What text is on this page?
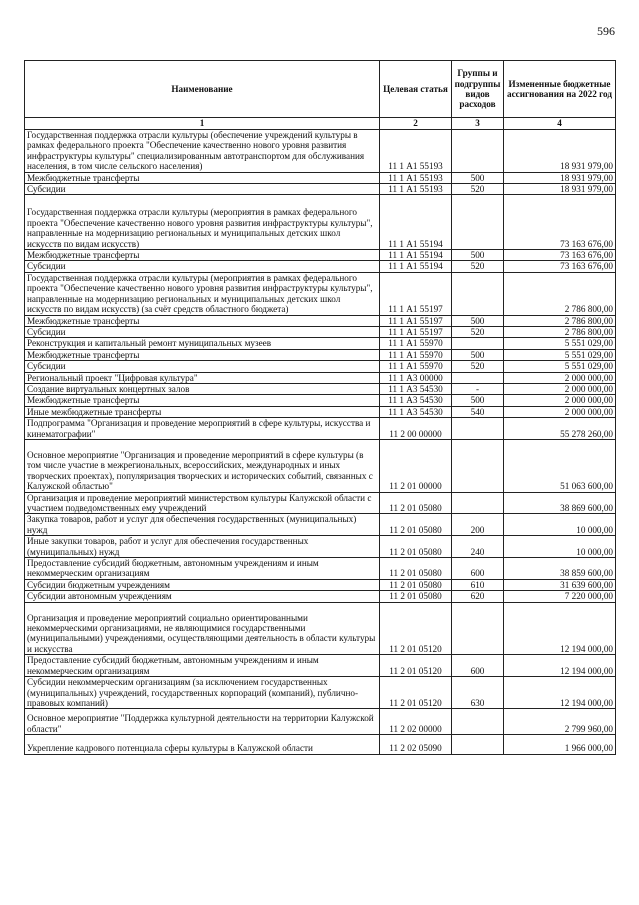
596
Наименование	Целевая статья	Группы и подгруппы видов расходов	Измененные бюджетные ассигнования на 2022 год
1	2	3	4
Государственная поддержка отрасли культуры (обеспечение учреждений культуры в рамках федерального проекта "Обеспечение качественно нового уровня развития инфраструктуры культуры" специализированным автотранспортом для обслуживания населения, в том числе сельского населения)	11 1 А1 55193		18 931 979,00
Межбюджетные трансферты	11 1 А1 55193	500	18 931 979,00
Субсидии	11 1 А1 55193	520	18 931 979,00
Государственная поддержка отрасли культуры (мероприятия в рамках федерального проекта "Обеспечение качественно нового уровня развития инфраструктуры культуры", направленные на модернизацию региональных и муниципальных детских школ искусств по видам искусств)	11 1 А1 55194		73 163 676,00
Межбюджетные трансферты	11 1 А1 55194	500	73 163 676,00
Субсидии	11 1 А1 55194	520	73 163 676,00
Государственная поддержка отрасли культуры (мероприятия в рамках федерального проекта "Обеспечение качественно нового уровня развития инфраструктуры культуры", направленные на модернизацию региональных и муниципальных детских школ искусств по видам искусств) (за счёт средств областного бюджета)	11 1 А1 55197		2 786 800,00
Межбюджетные трансферты	11 1 А1 55197	500	2 786 800,00
Субсидии	11 1 А1 55197	520	2 786 800,00
Реконструкция и капитальный ремонт муниципальных музеев	11 1 А1 55970		5 551 029,00
Межбюджетные трансферты	11 1 А1 55970	500	5 551 029,00
Субсидии	11 1 А1 55970	520	5 551 029,00
Региональный проект "Цифровая культура"	11 1 А3 00000		2 000 000,00
Создание виртуальных концертных залов	11 1 А3 54530	-	2 000 000,00
Межбюджетные трансферты	11 1 А3 54530	500	2 000 000,00
Иные межбюджетные трансферты	11 1 А3 54530	540	2 000 000,00
Подпрограмма "Организация и проведение мероприятий в сфере культуры, искусства и кинематографии"	11 2 00 00000		55 278 260,00
Основное мероприятие "Организация и проведение мероприятий в сфере культуры (в том числе участие в межрегиональных, всероссийских, международных и иных творческих проектах), популяризация творческих и исторических событий, связанных с Калужской областью"	11 2 01 00000		51 063 600,00
Организация и проведение мероприятий министерством культуры Калужской области с участием подведомственных ему учреждений	11 2 01 05080		38 869 600,00
Закупка товаров, работ и услуг для обеспечения государственных (муниципальных) нужд	11 2 01 05080	200	10 000,00
Иные закупки товаров, работ и услуг для обеспечения государственных (муниципальных) нужд	11 2 01 05080	240	10 000,00
Предоставление субсидий бюджетным, автономным учреждениям и иным некоммерческим организациям	11 2 01 05080	600	38 859 600,00
Субсидии бюджетным учреждениям	11 2 01 05080	610	31 639 600,00
Субсидии автономным учреждениям	11 2 01 05080	620	7 220 000,00
Организация и проведение мероприятий социально ориентированными некоммерческими организациями, не являющимися государственными (муниципальными) учреждениями, осуществляющими деятельность в области культуры и искусства	11 2 01 05120		12 194 000,00
Предоставление субсидий бюджетным, автономным учреждениям и иным некоммерческим организациям	11 2 01 05120	600	12 194 000,00
Субсидии некоммерческим организациям (за исключением государственных (муниципальных) учреждений, государственных корпораций (компаний), публично-правовых компаний)	11 2 01 05120	630	12 194 000,00
Основное мероприятие "Поддержка культурной деятельности на территории Калужской области"	11 2 02 00000		2 799 960,00
Укрепление кадрового потенциала сферы культуры в Калужской области	11 2 02 05090		1 966 000,00
